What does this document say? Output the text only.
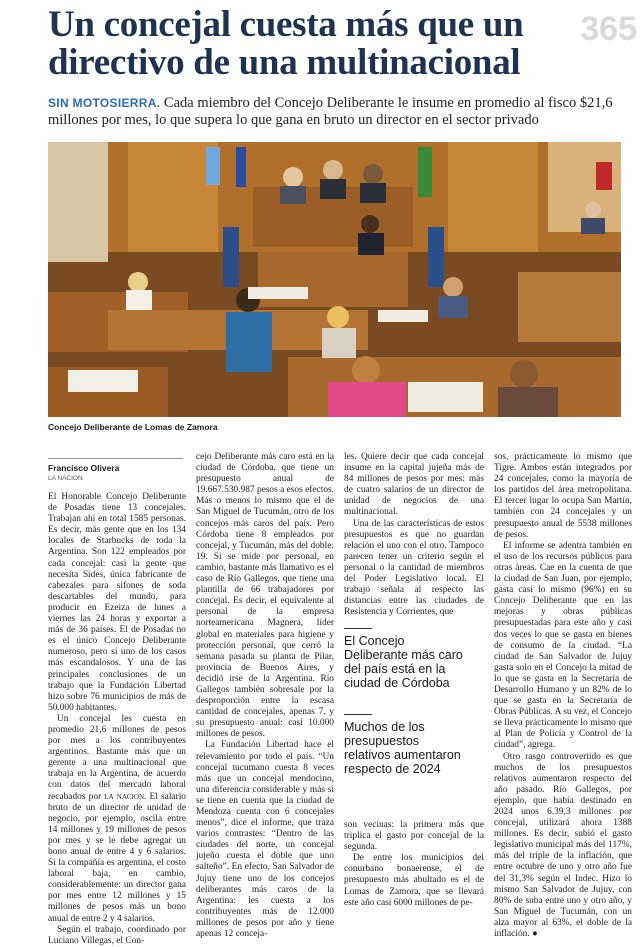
365
Un concejal cuesta más que un directivo de una multinacional

SIN MOTOSIERRA. Cada miembro del Concejo Deliberante le insume en promedio al fisco $21,6 millones por mes, lo que supera lo que gana en bruto un director en el sector privado

Concejo Deliberante de Lomas de Zamora
Francisco Olivera
LA NACION

El Honorable Concejo Deliberante de Posadas tiene 13 concejales. Trabajan ahí en total 1585 personas. Es decir, más gente que en los 134 locales de Starbucks de toda la Argentina. Son 122 empleados por cada concejal: casi la gente que necesita Sides, única fabricante de cabezales para sifones de soda descartables del mundo, para producir en Ezeiza de lunes a viernes las 24 horas y exportar a más de 36 países. El de Posadas no es el único Concejo Deliberante numeroso, pero sí uno de los casos más escandalosos. Y una de las principales conclusiones de un trabajo que la Fundación Libertad hizo sobre 76 municipios de más de 50.000 habitantes.

Un concejal les cuesta en promedio 21,6 millones de pesos por mes a los contribuyentes argentinos. Bastante más que un gerente a una multinacional que trabaja en la Argentina, de acuerdo con datos del mercado laboral recabados por la nacion. El salario bruto de un director de unidad de negocio, por ejemplo, oscila entre 14 millones y 19 millones de pesos por mes y se le debe agregar un bono anual de entre 4 y 6 salarios. Si la compañía es argentina, el costo laboral baja, en cambio, considerablemente: un director gana por mes entre 12 millones y 15 millones de pesos más un bono anual de entre 2 y 4 salarios.

Según el trabajo, coordinado por Luciano Villegas, el Con-

cejo Deliberante más caro está en la ciudad de Córdoba, que tiene un presupuesto anual de 19.667.530.987 pesos a esos efectos. Más o menos lo mismo que el de San Miguel de Tucumán, otro de los concejos más caros del país. Pero Córdoba tiene 8 empleados por concejal, y Tucumán, más del doble: 19. Si se mide por personal, en cambio, bastante más llamativo es el caso de Río Gallegos, que tiene una plantilla de 66 trabajadores por concejal. Es decir, el equivalente al personal de la empresa norteamericana Magnera, líder global en materiales para higiene y protección personal, que cerró la semana pasada su planta de Pilar, provincia de Buenos Aires, y decidió irse de la Argentina. Río Gallegos también sobresale por la desproporción entre la escasa cantidad de concejales, apenas 7, y su presupuesto anual: casi 10.000 millones de pesos.

La Fundación Libertad hace el relevamiento por todo el país. “Un concejal tucumano cuesta 8 veces más que un concejal mendocino, una diferencia considerable y más si se tiene en cuenta que la ciudad de Mendoza cuenta con 6 concejales menos”, dice el informe, que traza varios contrastes: “Dentro de las ciudades del norte, un concejal jujeño cuesta el doble que uno salteño”. En efecto, San Salvador de Jujuy tiene uno de los concejos deliberantes más caros de la Argentina: les cuesta a los contribuyentes más de 12.000 millones de pesos por año y tiene apenas 12 conceja-

les. Quiere decir que cada concejal insume en la capital jujeña más de 84 millones de pesos por mes: más de cuatro salarios de un director de unidad de negocios de una multinacional.

Una de las características de estos presupuestos es que no guardan relación el uno con el otro. Tampoco parecen tener un criterio según el personal o la cantidad de miembros del Poder Legislativo local. El trabajo señala al respecto las distancias entre las ciudades de Resistencia y Corrientes, que

El Concejo Deliberante más caro del país está en la ciudad de Córdoba
Muchos de los presupuestos relativos aumentaron respecto de 2024

son vecinas: la primera más que triplica el gasto por concejal de la segunda.

De entre los municipios del conurbano bonaerense, el de presupuesto más abultado es el de Lomas de Zamora, que se llevará este año casi 6000 millones de pe-

sos, prácticamente lo mismo que Tigre. Ambos están integrados por 24 concejales, como la mayoría de los partidos del área metropolitana. El tercer lugar lo ocupa San Martín, también con 24 concejales y un presupuesto anual de 5538 millones de pesos.

El informe se adentra también en el uso de los recursos públicos para otras áreas. Cae en la cuenta de que la ciudad de San Juan, por ejemplo, gasta casi lo mismo (96%) en su Concejo Deliberante que en las mejoras y obras públicas presupuestadas para este año y casi dos veces lo que se gasta en bienes de consumo de la ciudad. “La ciudad de San Salvador de Jujuy gasta solo en el Concejo la mitad de lo que se gasta en la Secretaría de Desarrollo Humano y un 82% de lo que se gasta en la Secretaría de Obras Públicas. A su vez, el Concejo se lleva prácticamente lo mismo que al Plan de Policía y Control de la ciudad”, agrega.

Otro rasgo controvertido es que muchos de los presupuestos relativos aumentaron respecto del año pasado. Río Gallegos, por ejemplo, que había destinado en 2024 unos 6.39,3 millones por concejal, utilizará ahora 1388 millones. Es decir, subió el gasto legislativo municipal más del 117%, más del triple de la inflación, que entre octubre de uno y otro año fue del 31,3% según el Indec. Hizo lo mismo San Salvador de Jujuy, con 80% de suba entre uno y otro año, y San Miguel de Tucumán, con un alza mayor al 63%, el doble de la inflación. ●
